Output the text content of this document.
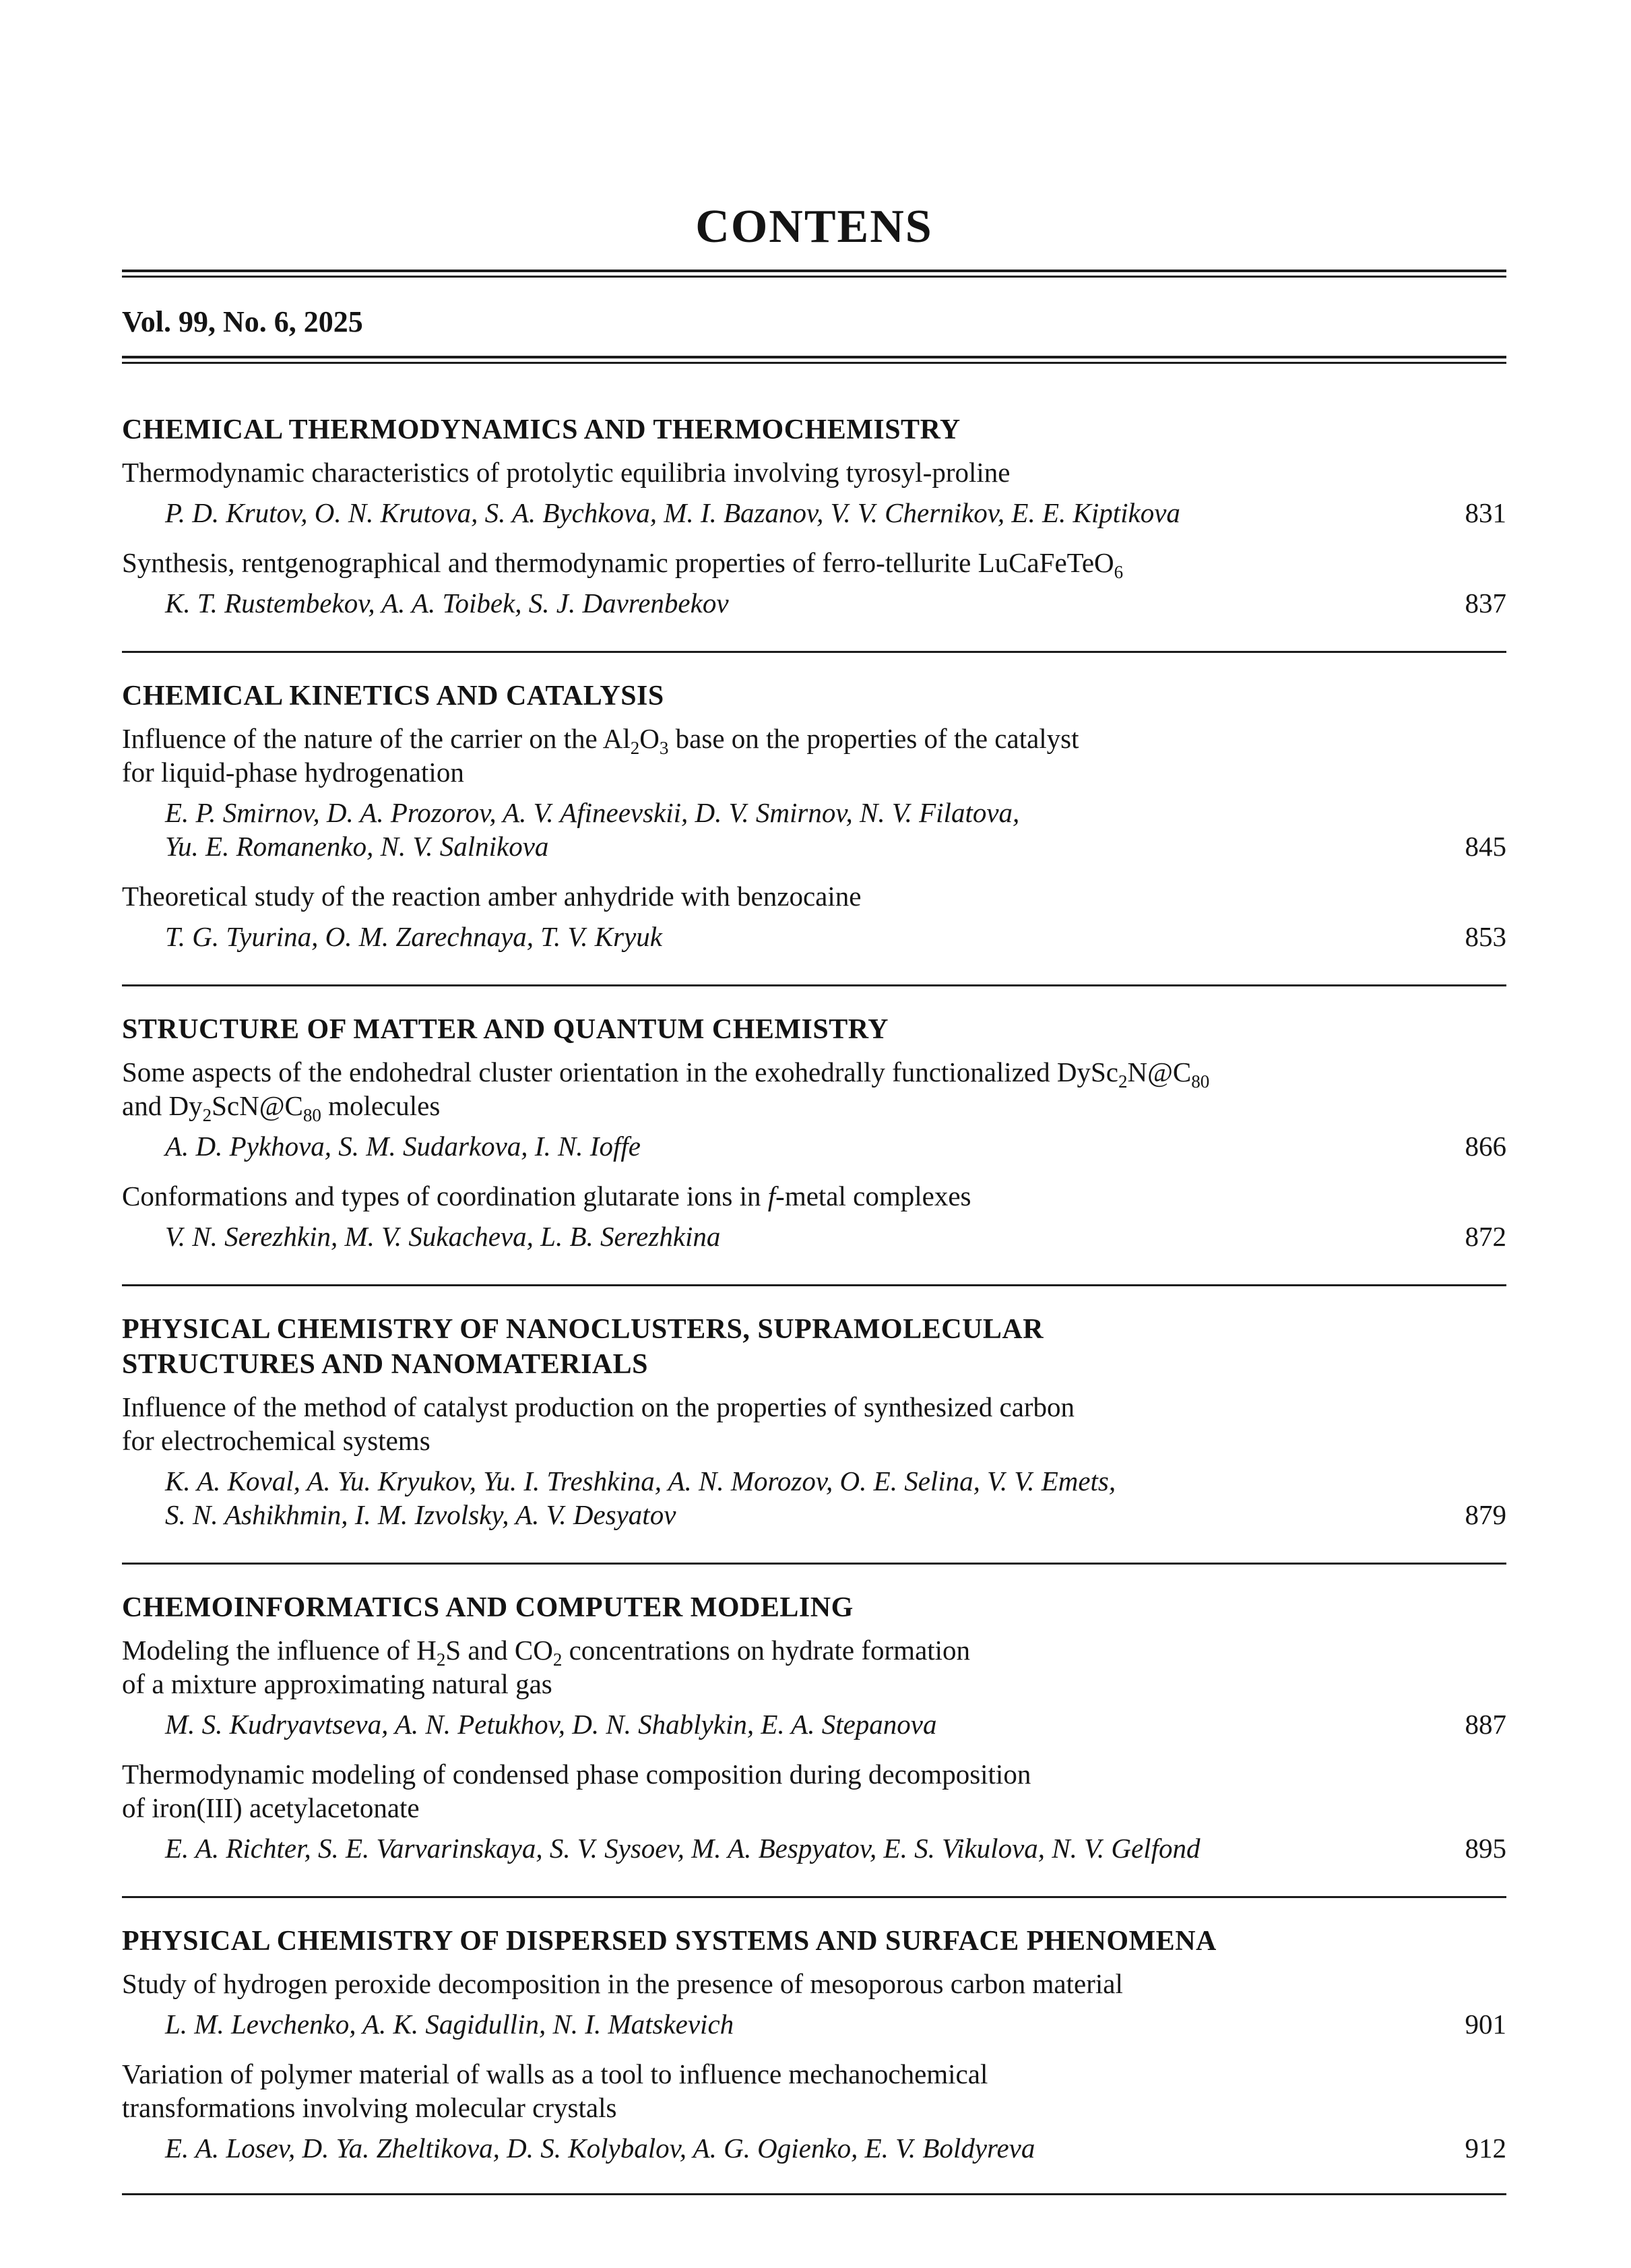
CONTENS
Vol. 99, No. 6, 2025
CHEMICAL THERMODYNAMICS AND THERMOCHEMISTRY
Thermodynamic characteristics of protolytic equilibria involving tyrosyl-proline
P. D. Krutov, O. N. Krutova, S. A. Bychkova, M. I. Bazanov, V. V. Chernikov, E. E. Kiptikova	831
Synthesis, rentgenographical and thermodynamic properties of ferro-tellurite LuCaFeTeO$_6$
K. T. Rustembekov, A. A. Toibek, S. J. Davrenbekov	837
CHEMICAL KINETICS AND CATALYSIS
Influence of the nature of the carrier on the $Al_2O_3$ base on the properties of the catalyst
for liquid-phase hydrogenation
E. P. Smirnov, D. A. Prozorov, A. V. Afineevskii, D. V. Smirnov, N. V. Filatova,
Yu. E. Romanenko, N. V. Salnikova	845
Theoretical study of the reaction amber anhydride with benzocaine
T. G. Tyurina, O. M. Zarechnaya, T. V. Kryuk	853
STRUCTURE OF MATTER AND QUANTUM CHEMISTRY
Some aspects of the endohedral cluster orientation in the exohedrally functionalized $DySc_2N@C_{80}$
and $Dy_2ScN@C_{80}$ molecules
A. D. Pykhova, S. M. Sudarkova, I. N. Ioffe	866
Conformations and types of coordination glutarate ions in f-metal complexes
V. N. Serezhkin, M. V. Sukacheva, L. B. Serezhkina	872
PHYSICAL CHEMISTRY OF NANOCLUSTERS, SUPRAMOLECULAR
STRUCTURES AND NANOMATERIALS
Influence of the method of catalyst production on the properties of synthesized carbon
for electrochemical systems
K. A. Koval, A. Yu. Kryukov, Yu. I. Treshkina, A. N. Morozov, O. E. Selina, V. V. Emets,
S. N. Ashikhmin, I. M. Izvolsky, A. V. Desyatov	879
CHEMOINFORMATICS AND COMPUTER MODELING
Modeling the influence of $H_2S$ and $CO_2$ concentrations on hydrate formation
of a mixture approximating natural gas
M. S. Kudryavtseva, A. N. Petukhov, D. N. Shablykin, E. A. Stepanova	887
Thermodynamic modeling of condensed phase composition during decomposition
of iron(III) acetylacetonate
E. A. Richter, S. E. Varvarinskaya, S. V. Sysoev, M. A. Bespyatov, E. S. Vikulova, N. V. Gelfond	895
PHYSICAL CHEMISTRY OF DISPERSED SYSTEMS AND SURFACE PHENOMENA
Study of hydrogen peroxide decomposition in the presence of mesoporous carbon material
L. M. Levchenko, A. K. Sagidullin, N. I. Matskevich	901
Variation of polymer material of walls as a tool to influence mechanochemical
transformations involving molecular crystals
E. A. Losev, D. Ya. Zheltikova, D. S. Kolybalov, A. G. Ogienko, E. V. Boldyreva	912
